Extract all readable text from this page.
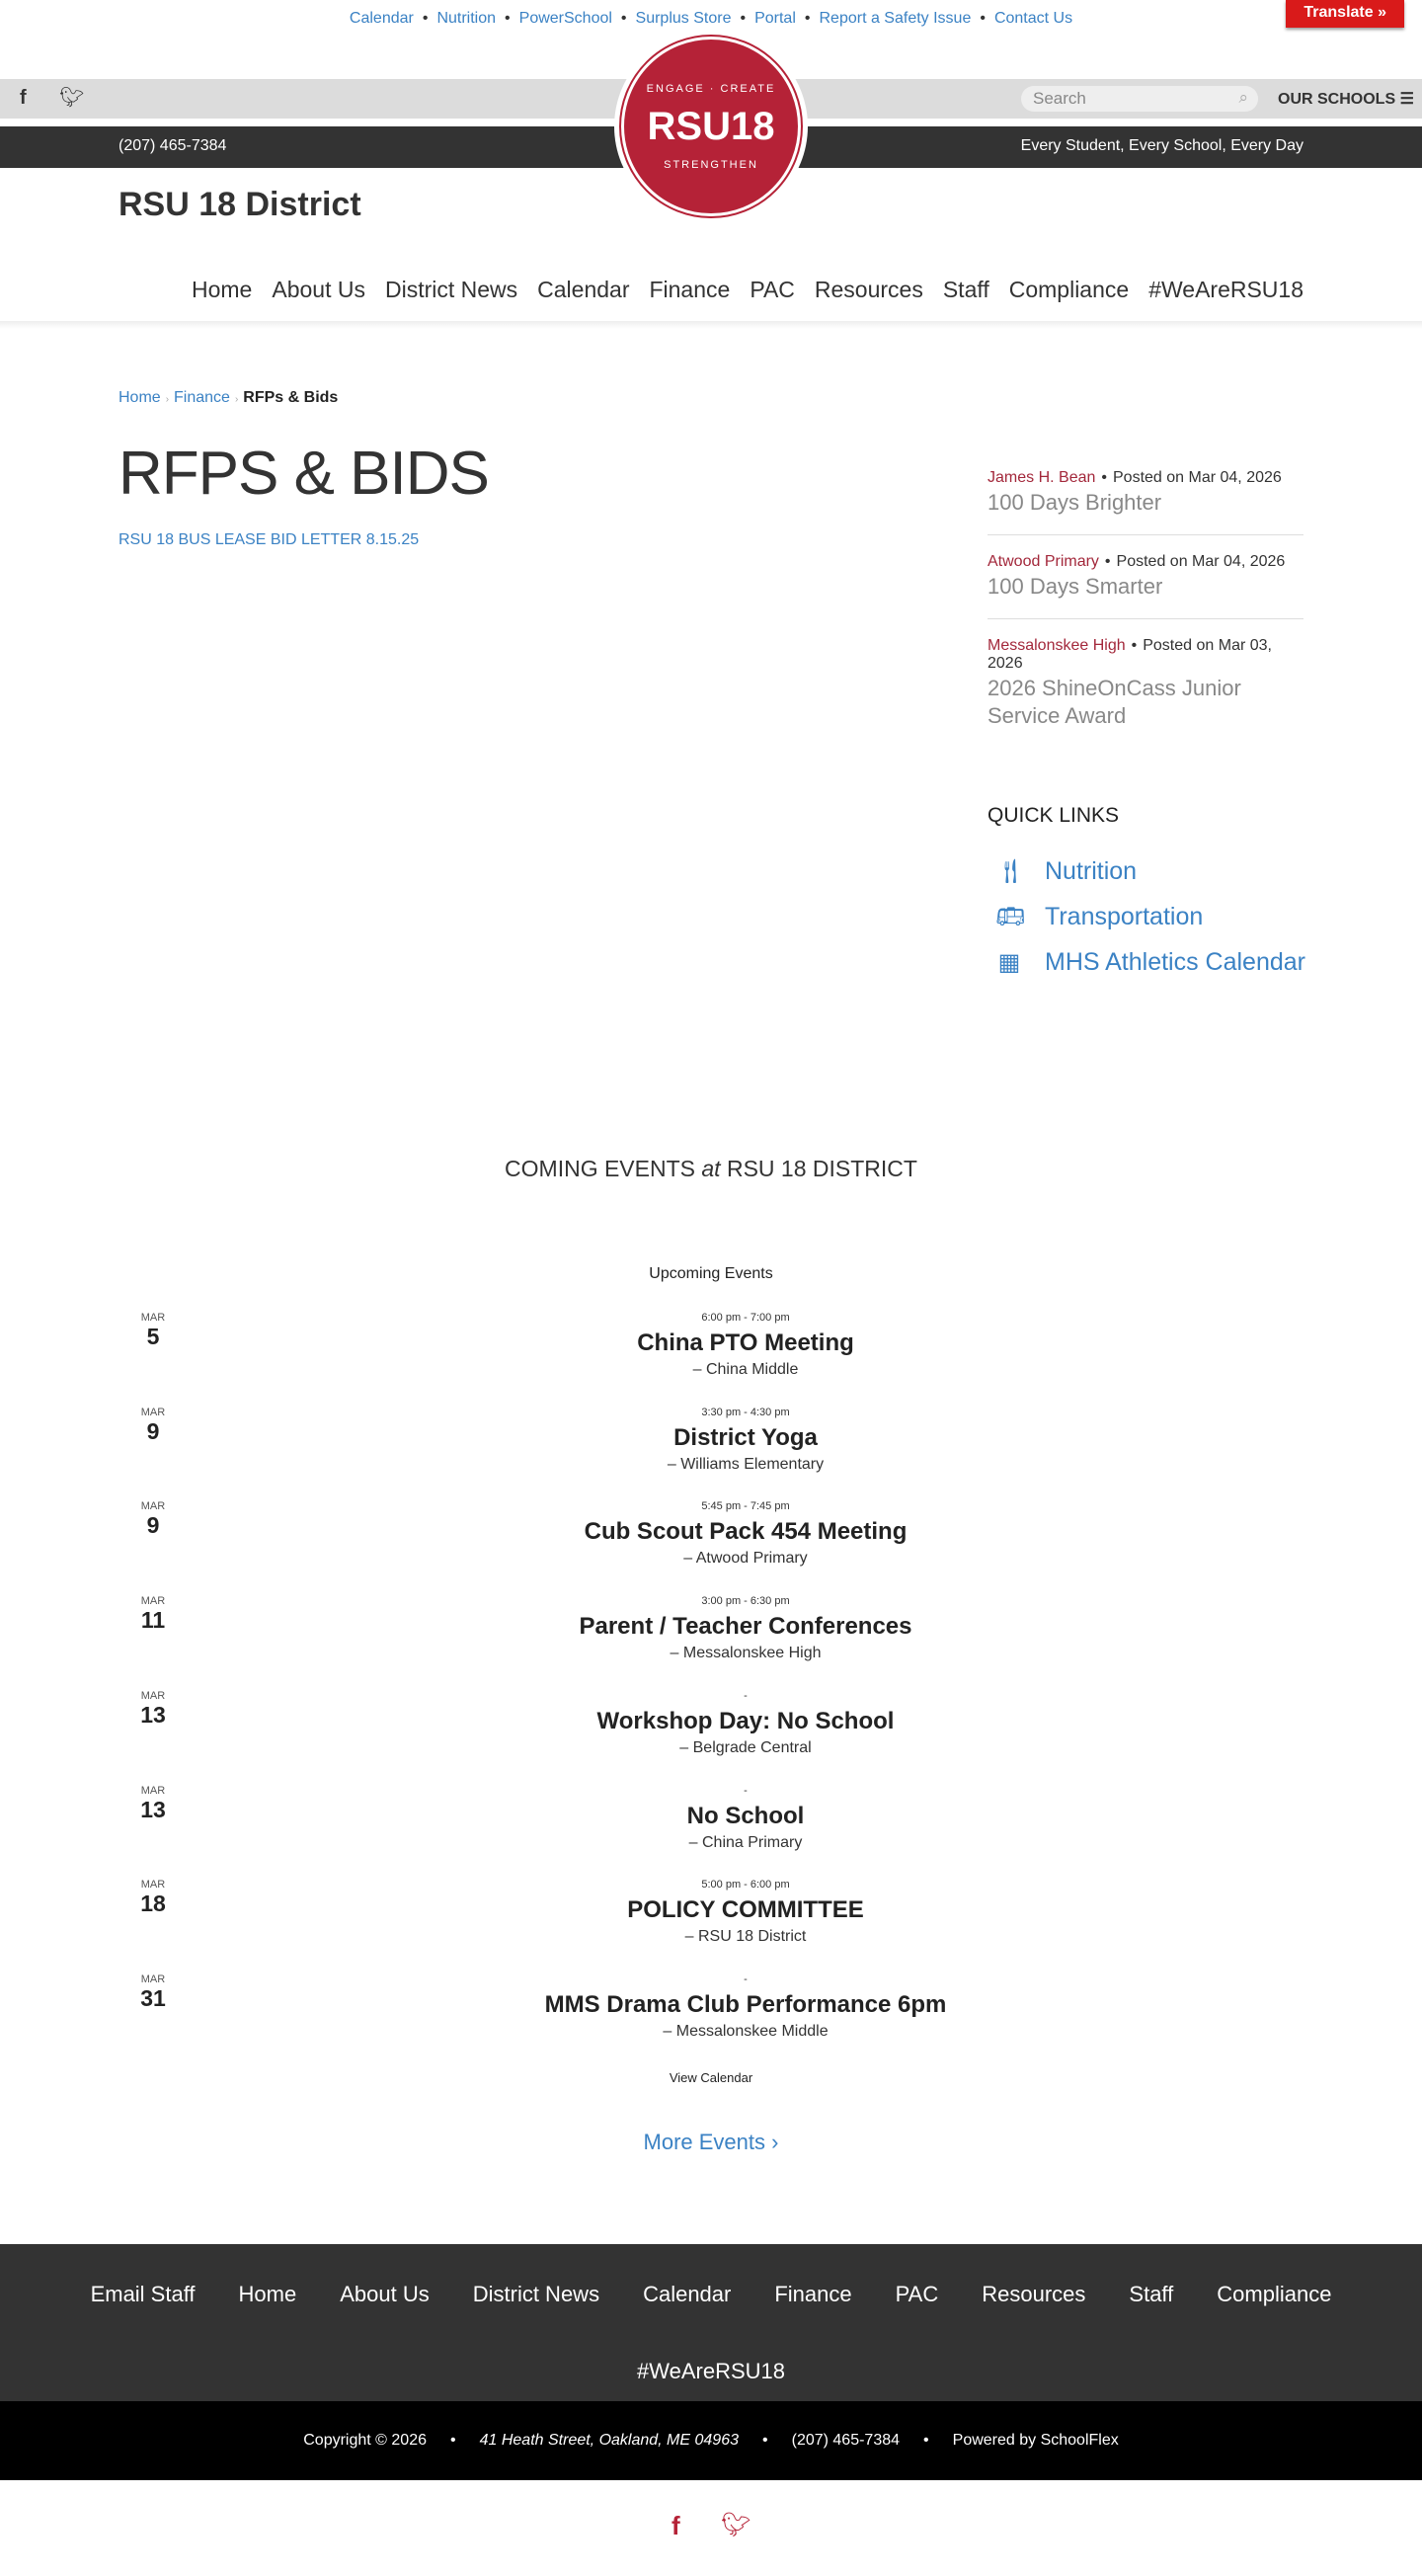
Calendar • Nutrition • PowerSchool • Surplus Store • Portal • Report a Safety Issue • Contact Us	Translate »
f 🐦︎	Search	⌕ OUR SCHOOLS ☰
(207) 465-7384	Every Student, Every School, Every Day
ENGAGE · CREATE
RSU18
STRENGTHEN
RSU 18 District
Home About Us District News Calendar Finance PAC Resources Staff Compliance #WeAreRSU18
Home › Finance › RFPs & Bids
RFPS & BIDS
RSU 18 BUS LEASE BID LETTER 8.15.25
James H. Bean • Posted on Mar 04, 2026
100 Days Brighter
Atwood Primary • Posted on Mar 04, 2026
100 Days Smarter
Messalonskee High • Posted on Mar 03, 2026
2026 ShineOnCass Junior Service Award
QUICK LINKS
🍴︎ Nutrition
🚌︎ Transportation
▦ MHS Athletics Calendar
COMING EVENTS at RSU 18 DISTRICT
Upcoming Events
MAR
5
6:00 pm - 7:00 pm
China PTO Meeting
– China Middle
MAR
9
3:30 pm - 4:30 pm
District Yoga
– Williams Elementary
MAR
9
5:45 pm - 7:45 pm
Cub Scout Pack 454 Meeting
– Atwood Primary
MAR
11
3:00 pm - 6:30 pm
Parent / Teacher Conferences
– Messalonskee High
MAR
13
-
Workshop Day: No School
– Belgrade Central
MAR
13
-
No School
– China Primary
MAR
18
5:00 pm - 6:00 pm
POLICY COMMITTEE
– RSU 18 District
MAR
31
-
MMS Drama Club Performance 6pm
– Messalonskee Middle
View Calendar
More Events ›
Email Staff Home About Us District News Calendar Finance PAC Resources Staff Compliance
#WeAreRSU18
Copyright © 2026 • 41 Heath Street, Oakland, ME 04963 • (207) 465-7384 • Powered by SchoolFlex
f 🐦︎
